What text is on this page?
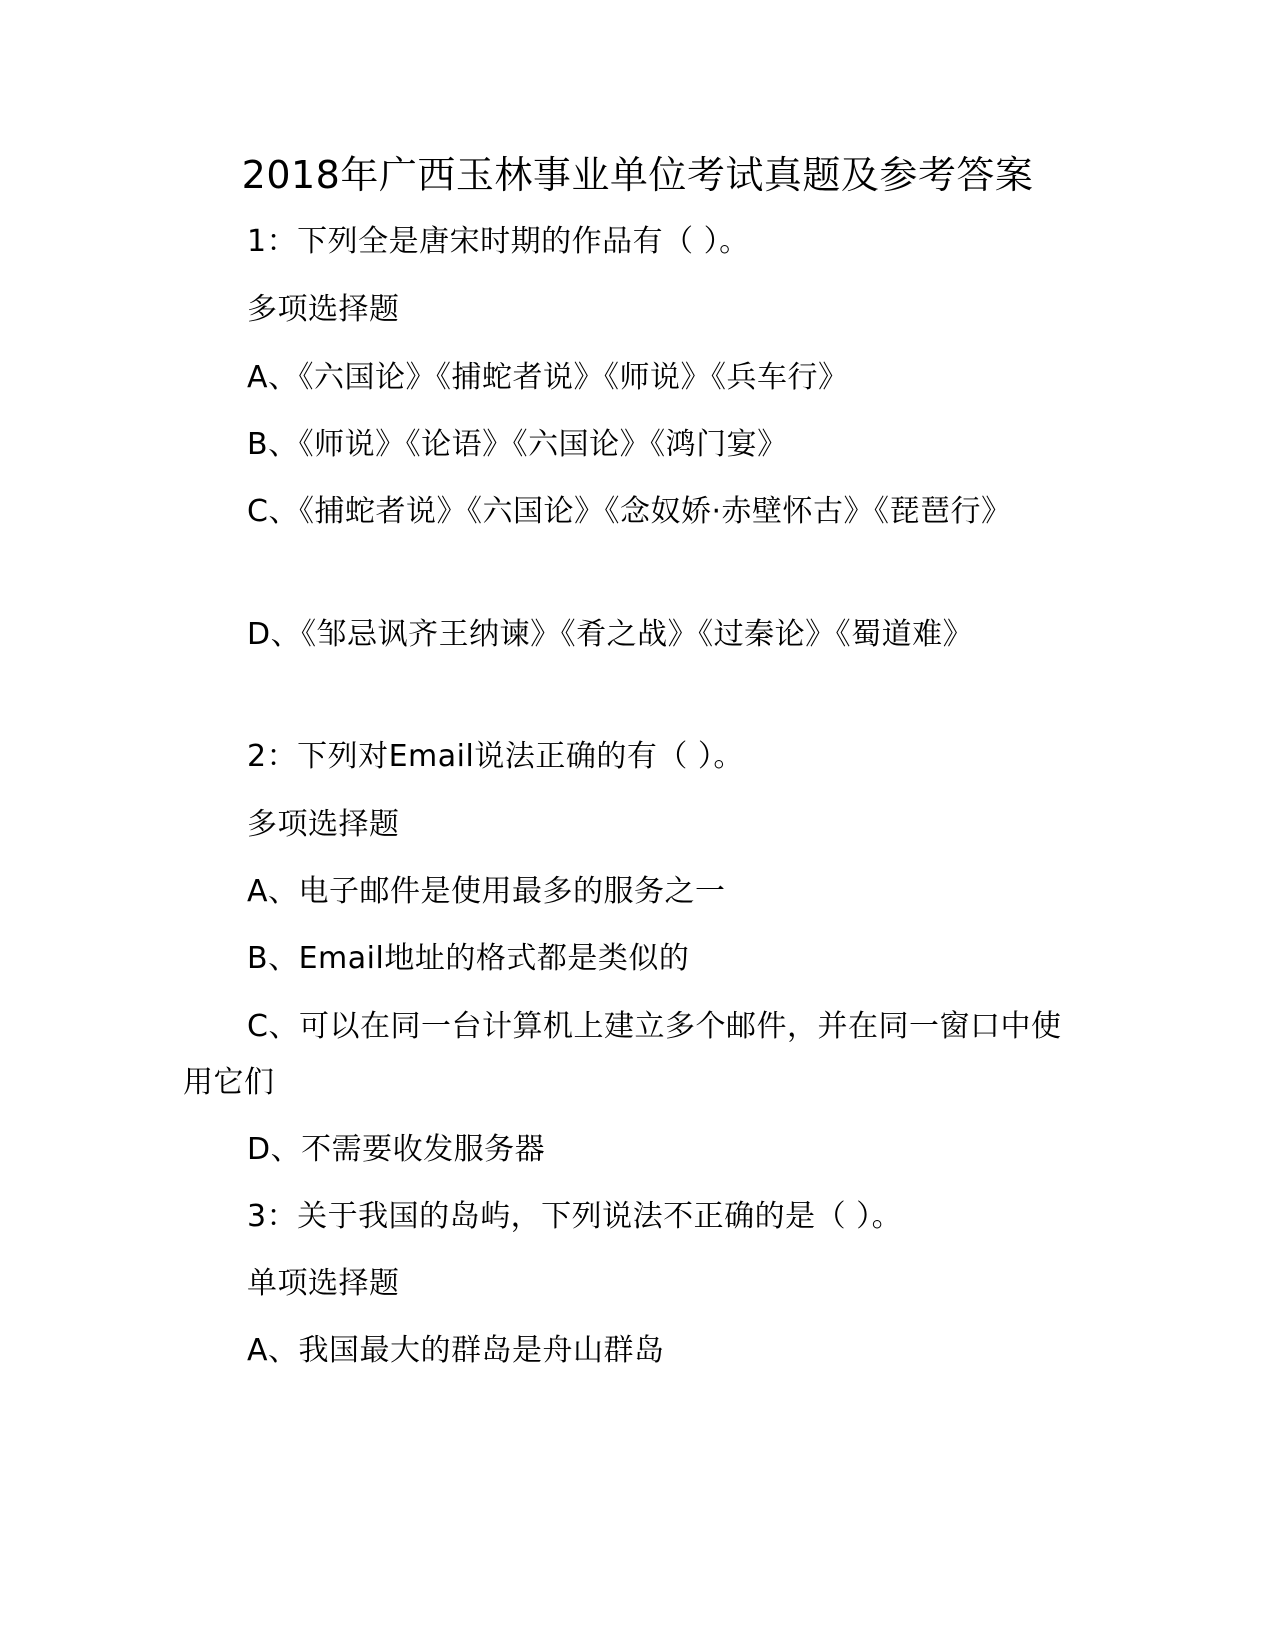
2018年广西玉林事业单位考试真题及参考答案
1：下列全是唐宋时期的作品有（ ）。
多项选择题
A、《六国论》《捕蛇者说》《师说》《兵车行》
B、《师说》《论语》《六国论》《鸿门宴》
C、《捕蛇者说》《六国论》《念奴娇·赤壁怀古》《琵琶行》
D、《邹忌讽齐王纳谏》《肴之战》《过秦论》《蜀道难》
2：下列对Email说法正确的有（ ）。
多项选择题
A、电子邮件是使用最多的服务之一
B、Email地址的格式都是类似的
C、可以在同一台计算机上建立多个邮件，并在同一窗口中使用它们
D、不需要收发服务器
3：关于我国的岛屿，下列说法不正确的是（ ）。
单项选择题
A、我国最大的群岛是舟山群岛
